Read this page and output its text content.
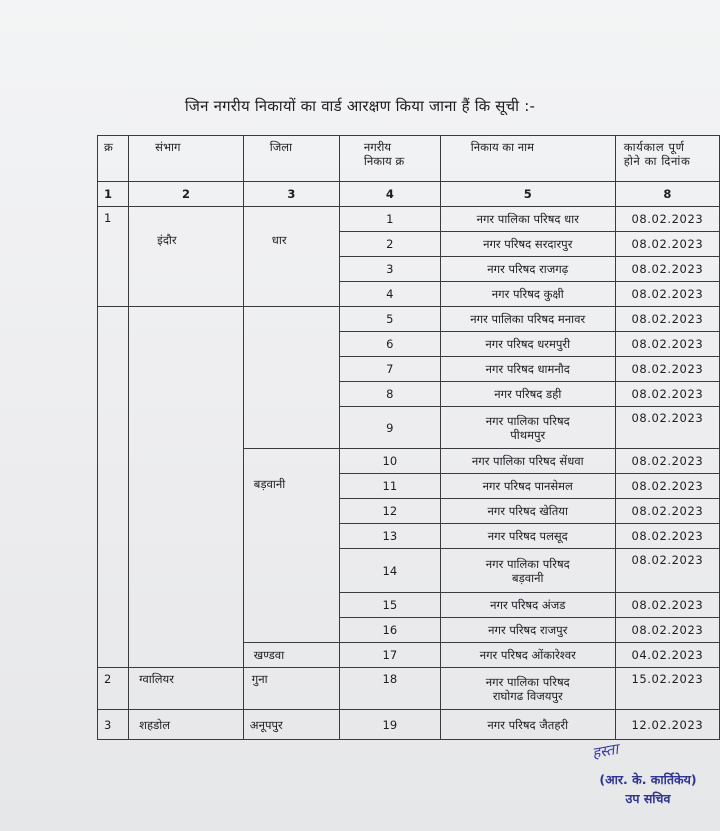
जिन नगरीय निकायों का वार्ड आरक्षण किया जाना हैं कि सूची :-
क्र	संभाग	जिला	नगरीय
निकाय क्र	निकाय का नाम	कार्यकाल पूर्ण
होने का दिनांक
1	2	3	4	5	8
1	इंदौर	धार	1	नगर पालिका परिषद धार	08.02.2023
			2	नगर परिषद सरदारपुर	08.02.2023
			3	नगर परिषद राजगढ़	08.02.2023
			4	नगर परिषद कुक्षी	08.02.2023
			5	नगर पालिका परिषद मनावर	08.02.2023
			6	नगर परिषद धरमपुरी	08.02.2023
			7	नगर परिषद धामनौद	08.02.2023
			8	नगर परिषद डही	08.02.2023
			9	नगर पालिका परिषद
पीथमपुर	08.02.2023
		बड़वानी	10	नगर पालिका परिषद सेंधवा	08.02.2023
			11	नगर परिषद पानसेमल	08.02.2023
			12	नगर परिषद खेतिया	08.02.2023
			13	नगर परिषद पलसूद	08.02.2023
			14	नगर पालिका परिषद
बड़वानी	08.02.2023
			15	नगर परिषद अंजड	08.02.2023
			16	नगर परिषद राजपुर	08.02.2023
		खण्डवा	17	नगर परिषद ओंकारेश्वर	04.02.2023
2	ग्वालियर	गुना	18	नगर पालिका परिषद
राघोगढ विजयपुर	15.02.2023
3	शहडोल	अनूपपुर	19	नगर परिषद जैतहरी	12.02.2023
हस्ता
(आर. के. कार्तिकेय)
उप सचिव
